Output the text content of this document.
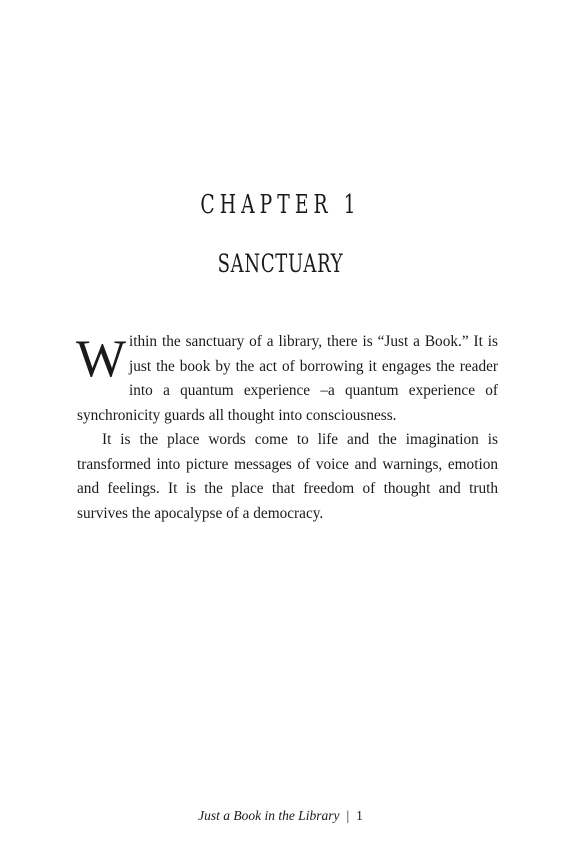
CHAPTER 1
SANCTUARY

Within the sanctuary of a library, there is “Just a Book.” It is just the book by the act of borrowing it engages the reader into a quantum experience –a quantum experience of synchronicity guards all thought into consciousness.

It is the place words come to life and the imagination is transformed into picture messages of voice and warnings, emotion and feelings. It is the place that freedom of thought and truth survives the apocalypse of a democracy.

Just a Book in the Library | 1
